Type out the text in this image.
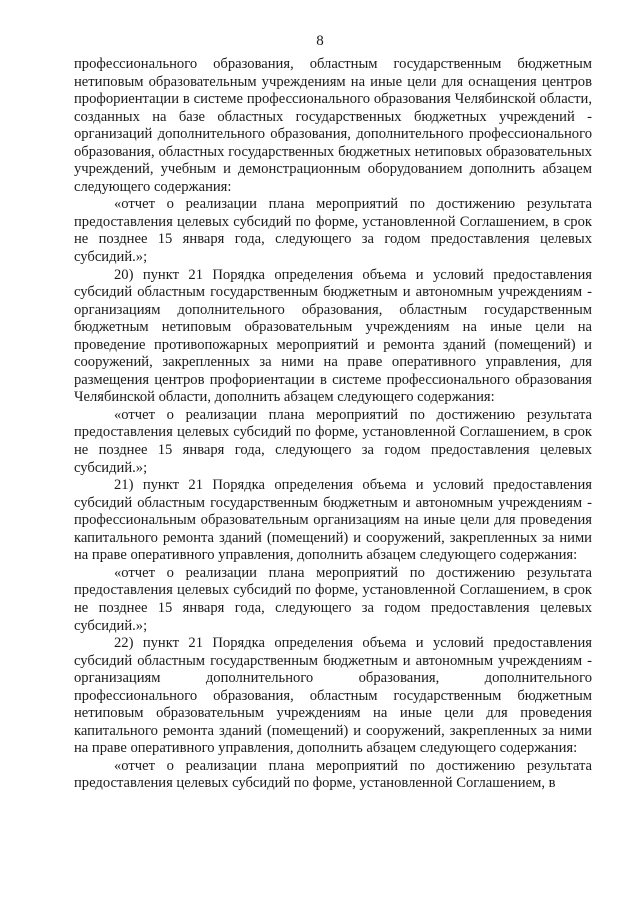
8

профессионального образования, областным государственным бюджетным нетиповым образовательным учреждениям на иные цели для оснащения центров профориентации в системе профессионального образования Челябинской области, созданных на базе областных государственных бюджетных учреждений - организаций дополнительного образования, дополнительного профессионального образования, областных государственных бюджетных нетиповых образовательных учреждений, учебным и демонстрационным оборудованием дополнить абзацем следующего содержания:

«отчет о реализации плана мероприятий по достижению результата предоставления целевых субсидий по форме, установленной Соглашением, в срок не позднее 15 января года, следующего за годом предоставления целевых субсидий.»;

20) пункт 21 Порядка определения объема и условий предоставления субсидий областным государственным бюджетным и автономным учреждениям - организациям дополнительного образования, областным государственным бюджетным нетиповым образовательным учреждениям на иные цели на проведение противопожарных мероприятий и ремонта зданий (помещений) и сооружений, закрепленных за ними на праве оперативного управления, для размещения центров профориентации в системе профессионального образования Челябинской области, дополнить абзацем следующего содержания:

«отчет о реализации плана мероприятий по достижению результата предоставления целевых субсидий по форме, установленной Соглашением, в срок не позднее 15 января года, следующего за годом предоставления целевых субсидий.»;

21) пункт 21 Порядка определения объема и условий предоставления субсидий областным государственным бюджетным и автономным учреждениям - профессиональным образовательным организациям на иные цели для проведения капитального ремонта зданий (помещений) и сооружений, закрепленных за ними на праве оперативного управления, дополнить абзацем следующего содержания:

«отчет о реализации плана мероприятий по достижению результата предоставления целевых субсидий по форме, установленной Соглашением, в срок не позднее 15 января года, следующего за годом предоставления целевых субсидий.»;

22) пункт 21 Порядка определения объема и условий предоставления субсидий областным государственным бюджетным и автономным учреждениям - организациям дополнительного образования, дополнительного профессионального образования, областным государственным бюджетным нетиповым образовательным учреждениям на иные цели для проведения капитального ремонта зданий (помещений) и сооружений, закрепленных за ними на праве оперативного управления, дополнить абзацем следующего содержания:

«отчет о реализации плана мероприятий по достижению результата предоставления целевых субсидий по форме, установленной Соглашением, в
